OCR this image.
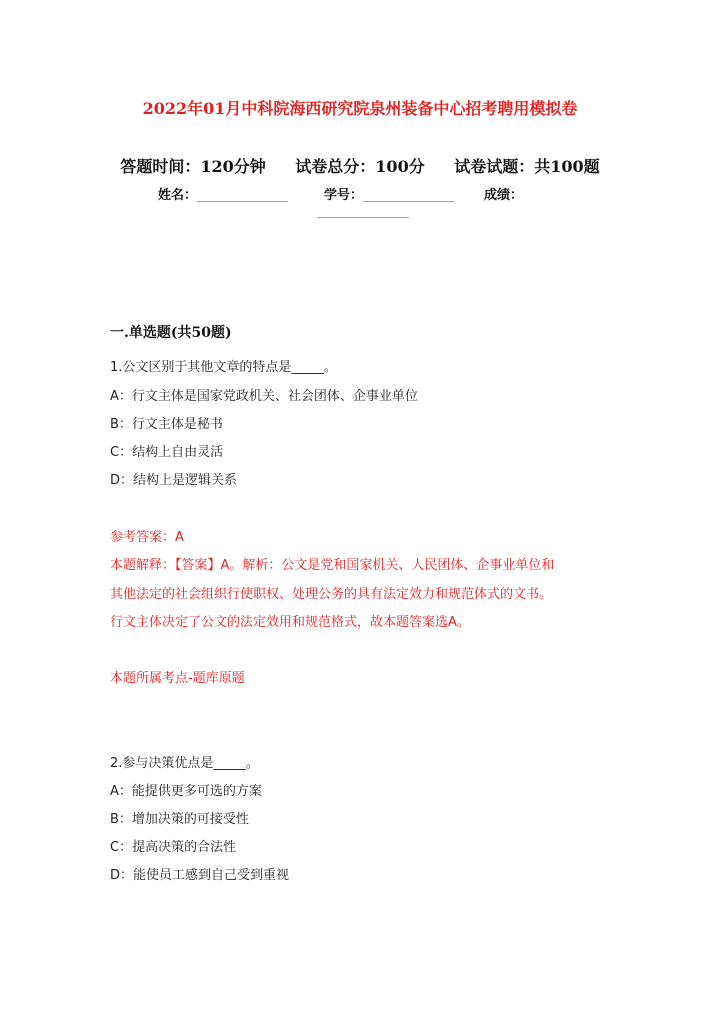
2022年01月中科院海西研究院泉州装备中心招考聘用模拟卷
答题时间：120分钟 试卷总分：100分 试卷试题：共100题
姓名：______________	学号：______________ 成绩：
______________
一.单选题(共50题)
1.公文区别于其他文章的特点是_____。
A：行文主体是国家党政机关、社会团体、企事业单位
B：行文主体是秘书
C：结构上自由灵活
D：结构上是逻辑关系
参考答案：A
本题解释：【答案】A。解析：公文是党和国家机关、人民团体、企事业单位和
其他法定的社会组织行使职权、处理公务的具有法定效力和规范体式的文书。
行文主体决定了公文的法定效用和规范格式，故本题答案选A。
本题所属考点-题库原题
2.参与决策优点是_____。
A：能提供更多可选的方案
B：增加决策的可接受性
C：提高决策的合法性
D：能使员工感到自己受到重视
